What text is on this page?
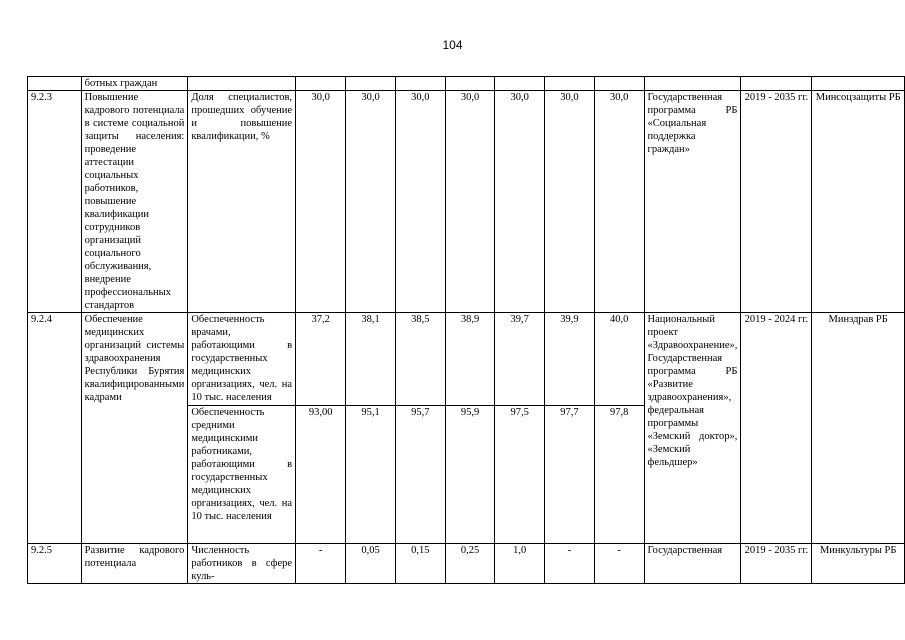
104
	ботных граждан											
9.2.3	Повышение кадрового потенциала в системе социальной защиты населения: проведение аттестации социальных работников, повышение квалификации сотрудников организаций социального обслуживания, внедрение профессиональных стандартов	Доля специалистов, прошедших обучение и повышение квалификации, %	30,0	30,0	30,0	30,0	30,0	30,0	30,0	Государственная программа РБ «Социальная поддержка граждан»	2019 - 2035 гг.	Минсоцзащиты РБ
9.2.4	Обеспечение медицинских организаций системы здравоохранения Республики Бурятия квалифицированными кадрами	Обеспеченность врачами, работающими в государственных медицинских организациях, чел. на 10 тыс. населения	37,2	38,1	38,5	38,9	39,7	39,9	40,0	Национальный проект «Здравоохранение», Государственная программа РБ «Развитие здравоохранения», федеральная программы «Земский доктор», «Земский фельдшер»	2019 - 2024 гг.	Минздрав РБ
		Обеспеченность средними медицинскими работниками, работающими в государственных медицинских организациях, чел. на 10 тыс. населения	93,00	95,1	95,7	95,9	97,5	97,7	97,8			
9.2.5	Развитие кадрового потенциала	Численность работников в сфере куль-	-	0,05	0,15	0,25	1,0	-	-	Государственная	2019 - 2035 гг.	Минкультуры РБ
